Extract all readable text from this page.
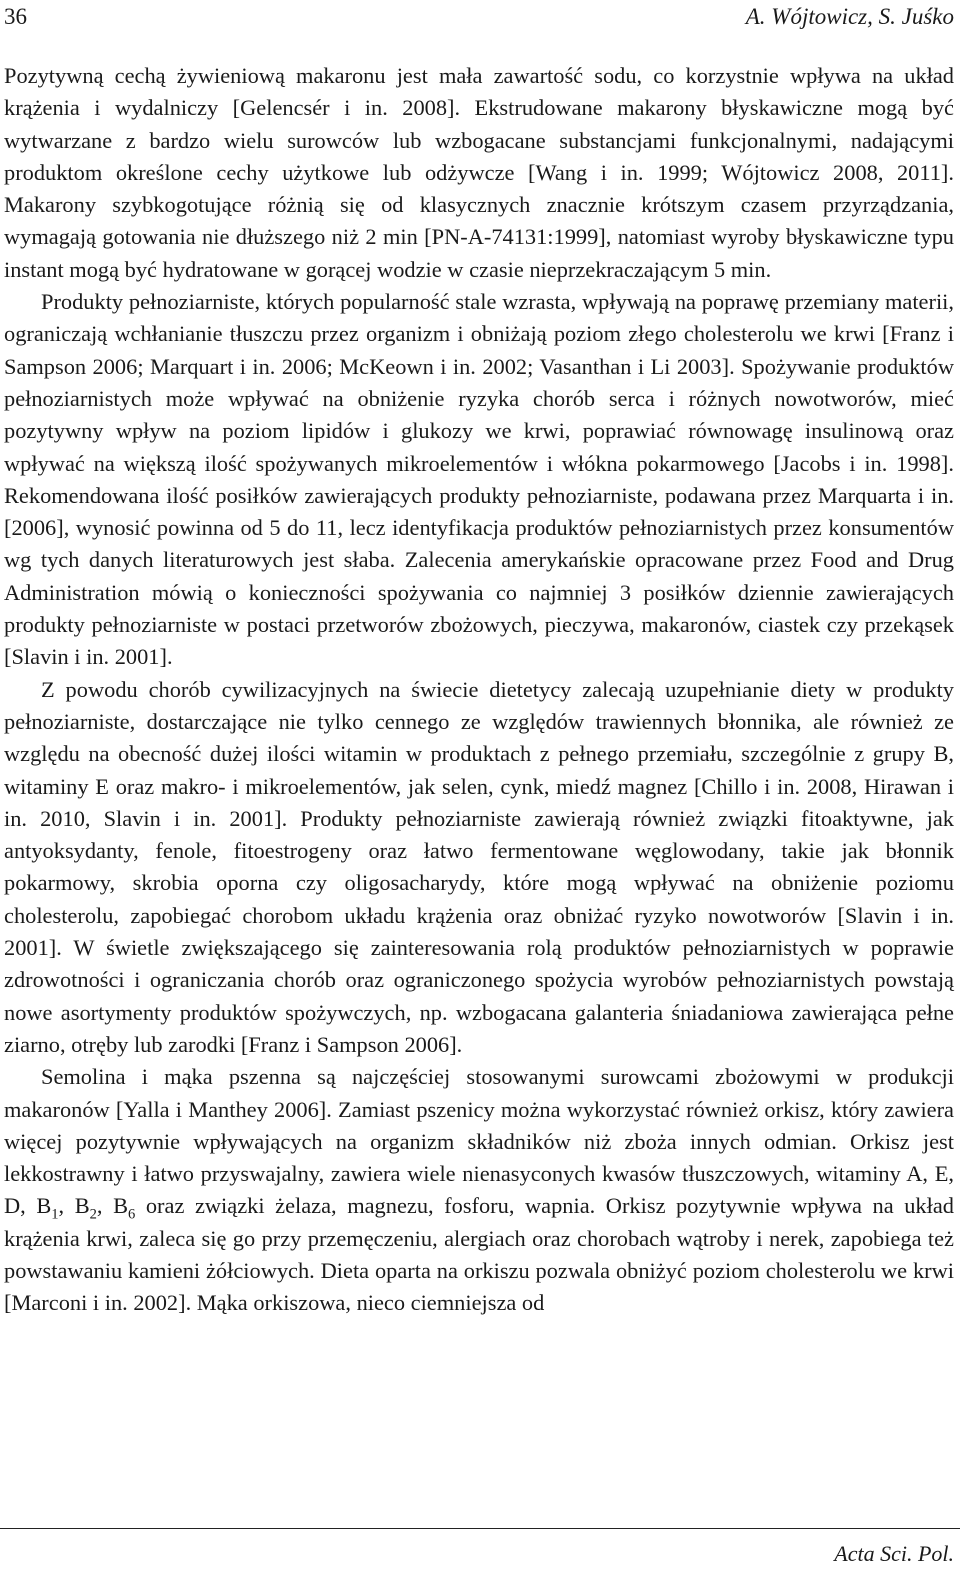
36	A. Wójtowicz, S. Juśko

Pozytywną cechą żywieniową makaronu jest mała zawartość sodu, co korzystnie wpływa na układ krążenia i wydalniczy [Gelencsér i in. 2008]. Ekstrudowane makarony błyskawiczne mogą być wytwarzane z bardzo wielu surowców lub wzbogacane substancjami funkcjonalnymi, nadającymi produktom określone cechy użytkowe lub odżywcze [Wang i in. 1999; Wójtowicz 2008, 2011]. Makarony szybkogotujące różnią się od klasycznych znacznie krótszym czasem przyrządzania, wymagają gotowania nie dłuższego niż 2 min [PN-A-74131:1999], natomiast wyroby błyskawiczne typu instant mogą być hydratowane w gorącej wodzie w czasie nieprzekraczającym 5 min.

Produkty pełnoziarniste, których popularność stale wzrasta, wpływają na poprawę przemiany materii, ograniczają wchłanianie tłuszczu przez organizm i obniżają poziom złego cholesterolu we krwi [Franz i Sampson 2006; Marquart i in. 2006; McKeown i in. 2002; Vasanthan i Li 2003]. Spożywanie produktów pełnoziarnistych może wpływać na obniżenie ryzyka chorób serca i różnych nowotworów, mieć pozytywny wpływ na poziom lipidów i glukozy we krwi, poprawiać równowagę insulinową oraz wpływać na większą ilość spożywanych mikroelementów i włókna pokarmowego [Jacobs i in. 1998]. Rekomendowana ilość posiłków zawierających produkty pełnoziarniste, podawana przez Marquarta i in. [2006], wynosić powinna od 5 do 11, lecz identyfikacja produktów pełnoziarnistych przez konsumentów wg tych danych literaturowych jest słaba. Zalecenia amerykańskie opracowane przez Food and Drug Administration mówią o konieczności spożywania co najmniej 3 posiłków dziennie zawierających produkty pełnoziarniste w postaci przetworów zbożowych, pieczywa, makaronów, ciastek czy przekąsek [Slavin i in. 2001].

Z powodu chorób cywilizacyjnych na świecie dietetycy zalecają uzupełnianie diety w produkty pełnoziarniste, dostarczające nie tylko cennego ze względów trawiennych błonnika, ale również ze względu na obecność dużej ilości witamin w produktach z pełnego przemiału, szczególnie z grupy B, witaminy E oraz makro- i mikroelementów, jak selen, cynk, miedź magnez [Chillo i in. 2008, Hirawan i in. 2010, Slavin i in. 2001]. Produkty pełnoziarniste zawierają również związki fitoaktywne, jak antyoksydanty, fenole, fitoestrogeny oraz łatwo fermentowane węglowodany, takie jak błonnik pokarmowy, skrobia oporna czy oligosacharydy, które mogą wpływać na obniżenie poziomu cholesterolu, zapobiegać chorobom układu krążenia oraz obniżać ryzyko nowotworów [Slavin i in. 2001]. W świetle zwiększającego się zainteresowania rolą produktów pełnoziarnistych w poprawie zdrowotności i ograniczania chorób oraz ograniczonego spożycia wyrobów pełnoziarnistych powstają nowe asortymenty produktów spożywczych, np. wzbogacana galanteria śniadaniowa zawierająca pełne ziarno, otręby lub zarodki [Franz i Sampson 2006].

Semolina i mąka pszenna są najczęściej stosowanymi surowcami zbożowymi w produkcji makaronów [Yalla i Manthey 2006]. Zamiast pszenicy można wykorzystać również orkisz, który zawiera więcej pozytywnie wpływających na organizm składników niż zboża innych odmian. Orkisz jest lekkostrawny i łatwo przyswajalny, zawiera wiele nienasyconych kwasów tłuszczowych, witaminy A, E, D, $B_1$, $B_2$, $B_6$ oraz związki żelaza, magnezu, fosforu, wapnia. Orkisz pozytywnie wpływa na układ krążenia krwi, zaleca się go przy przemęczeniu, alergiach oraz chorobach wątroby i nerek, zapobiega też powstawaniu kamieni żółciowych. Dieta oparta na orkiszu pozwala obniżyć poziom cholesterolu we krwi [Marconi i in. 2002]. Mąka orkiszowa, nieco ciemniejsza od

Acta Sci. Pol.
